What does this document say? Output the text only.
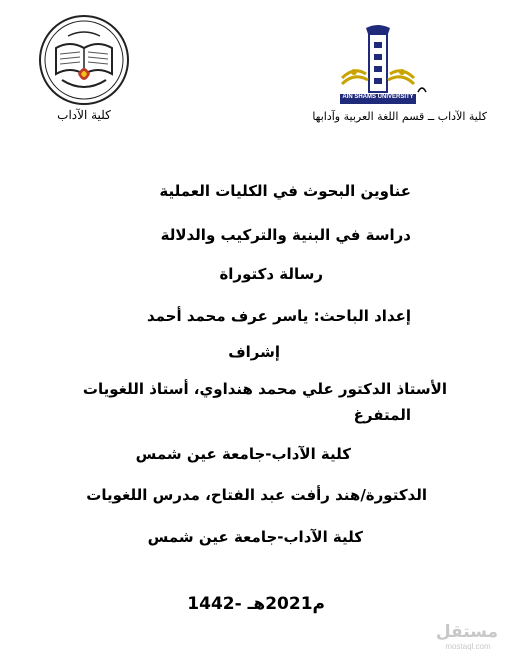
كلية الآداب
AIN SHAMS UNIVERSITY
كلية الآداب ــ قسم اللغة العربية وآدابها
عناوين البحوث في الكليات العملية
دراسة في البنية والتركيب والدلالة
رسالة دكتوراة
إعداد الباحث: ياسر عرف محمد أحمد
إشراف
الأستاذ الدكتور علي محمد هنداوي، أستاذ اللغويات
المتفرغ
كلية الآداب-جامعة عين شمس
الدكتورة/هند رأفت عبد الفتاح، مدرس اللغويات
كلية الآداب-جامعة عين شمس
م2021هـ -1442
مستقل
mostaql.com
